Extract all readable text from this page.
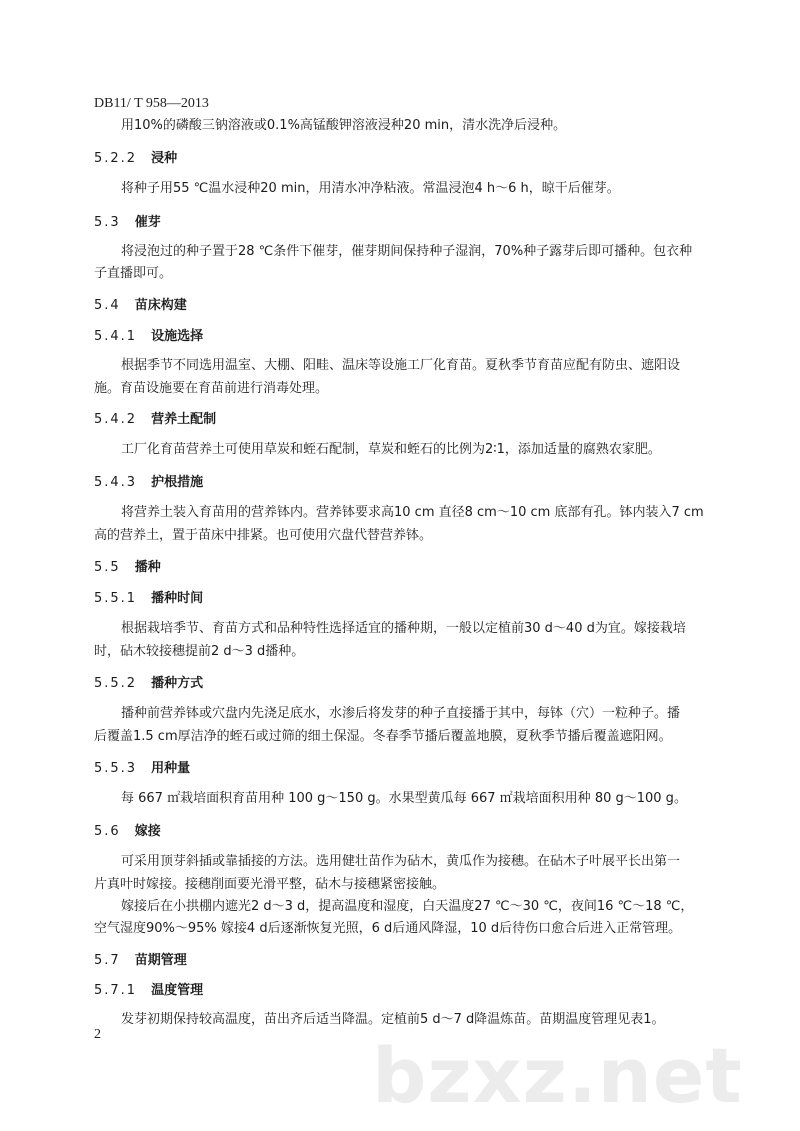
DB11/ T 958—2013
用10%的磷酸三钠溶液或0.1%高锰酸钾溶液浸种20 min，清水洗净后浸种。
5.2.2 浸种
将种子用55 ℃温水浸种20 min，用清水冲净粘液。常温浸泡4 h～6 h，晾干后催芽。
5.3 催芽
将浸泡过的种子置于28 ℃条件下催芽，催芽期间保持种子湿润，70%种子露芽后即可播种。包衣种
子直播即可。
5.4 苗床构建
5.4.1 设施选择
根据季节不同选用温室、大棚、阳畦、温床等设施工厂化育苗。夏秋季节育苗应配有防虫、遮阳设
施。育苗设施要在育苗前进行消毒处理。
5.4.2 营养土配制
工厂化育苗营养土可使用草炭和蛭石配制，草炭和蛭石的比例为2∶1，添加适量的腐熟农家肥。
5.4.3 护根措施
将营养土装入育苗用的营养钵内。营养钵要求高10 cm 直径8 cm～10 cm 底部有孔。钵内装入7 cm
高的营养土，置于苗床中排紧。也可使用穴盘代替营养钵。
5.5 播种
5.5.1 播种时间
根据栽培季节、育苗方式和品种特性选择适宜的播种期，一般以定植前30 d～40 d为宜。嫁接栽培
时，砧木较接穗提前2 d～3 d播种。
5.5.2 播种方式
播种前营养钵或穴盘内先浇足底水，水渗后将发芽的种子直接播于其中，每钵（穴）一粒种子。播
后覆盖1.5 cm厚洁净的蛭石或过筛的细土保湿。冬春季节播后覆盖地膜，夏秋季节播后覆盖遮阳网。
5.5.3 用种量
每 667 ㎡栽培面积育苗用种 100 g～150 g。水果型黄瓜每 667 ㎡栽培面积用种 80 g～100 g。
5.6 嫁接
可采用顶芽斜插或靠插接的方法。选用健壮苗作为砧木，黄瓜作为接穗。在砧木子叶展平长出第一
片真叶时嫁接。接穗削面要光滑平整，砧木与接穗紧密接触。
嫁接后在小拱棚内遮光2 d～3 d，提高温度和湿度，白天温度27 ℃～30 ℃，夜间16 ℃～18 ℃，
空气湿度90%～95% 嫁接4 d后逐渐恢复光照，6 d后通风降湿，10 d后待伤口愈合后进入正常管理。
5.7 苗期管理
5.7.1 温度管理
发芽初期保持较高温度，苗出齐后适当降温。定植前5 d～7 d降温炼苗。苗期温度管理见表1。
2	bzxz.net
